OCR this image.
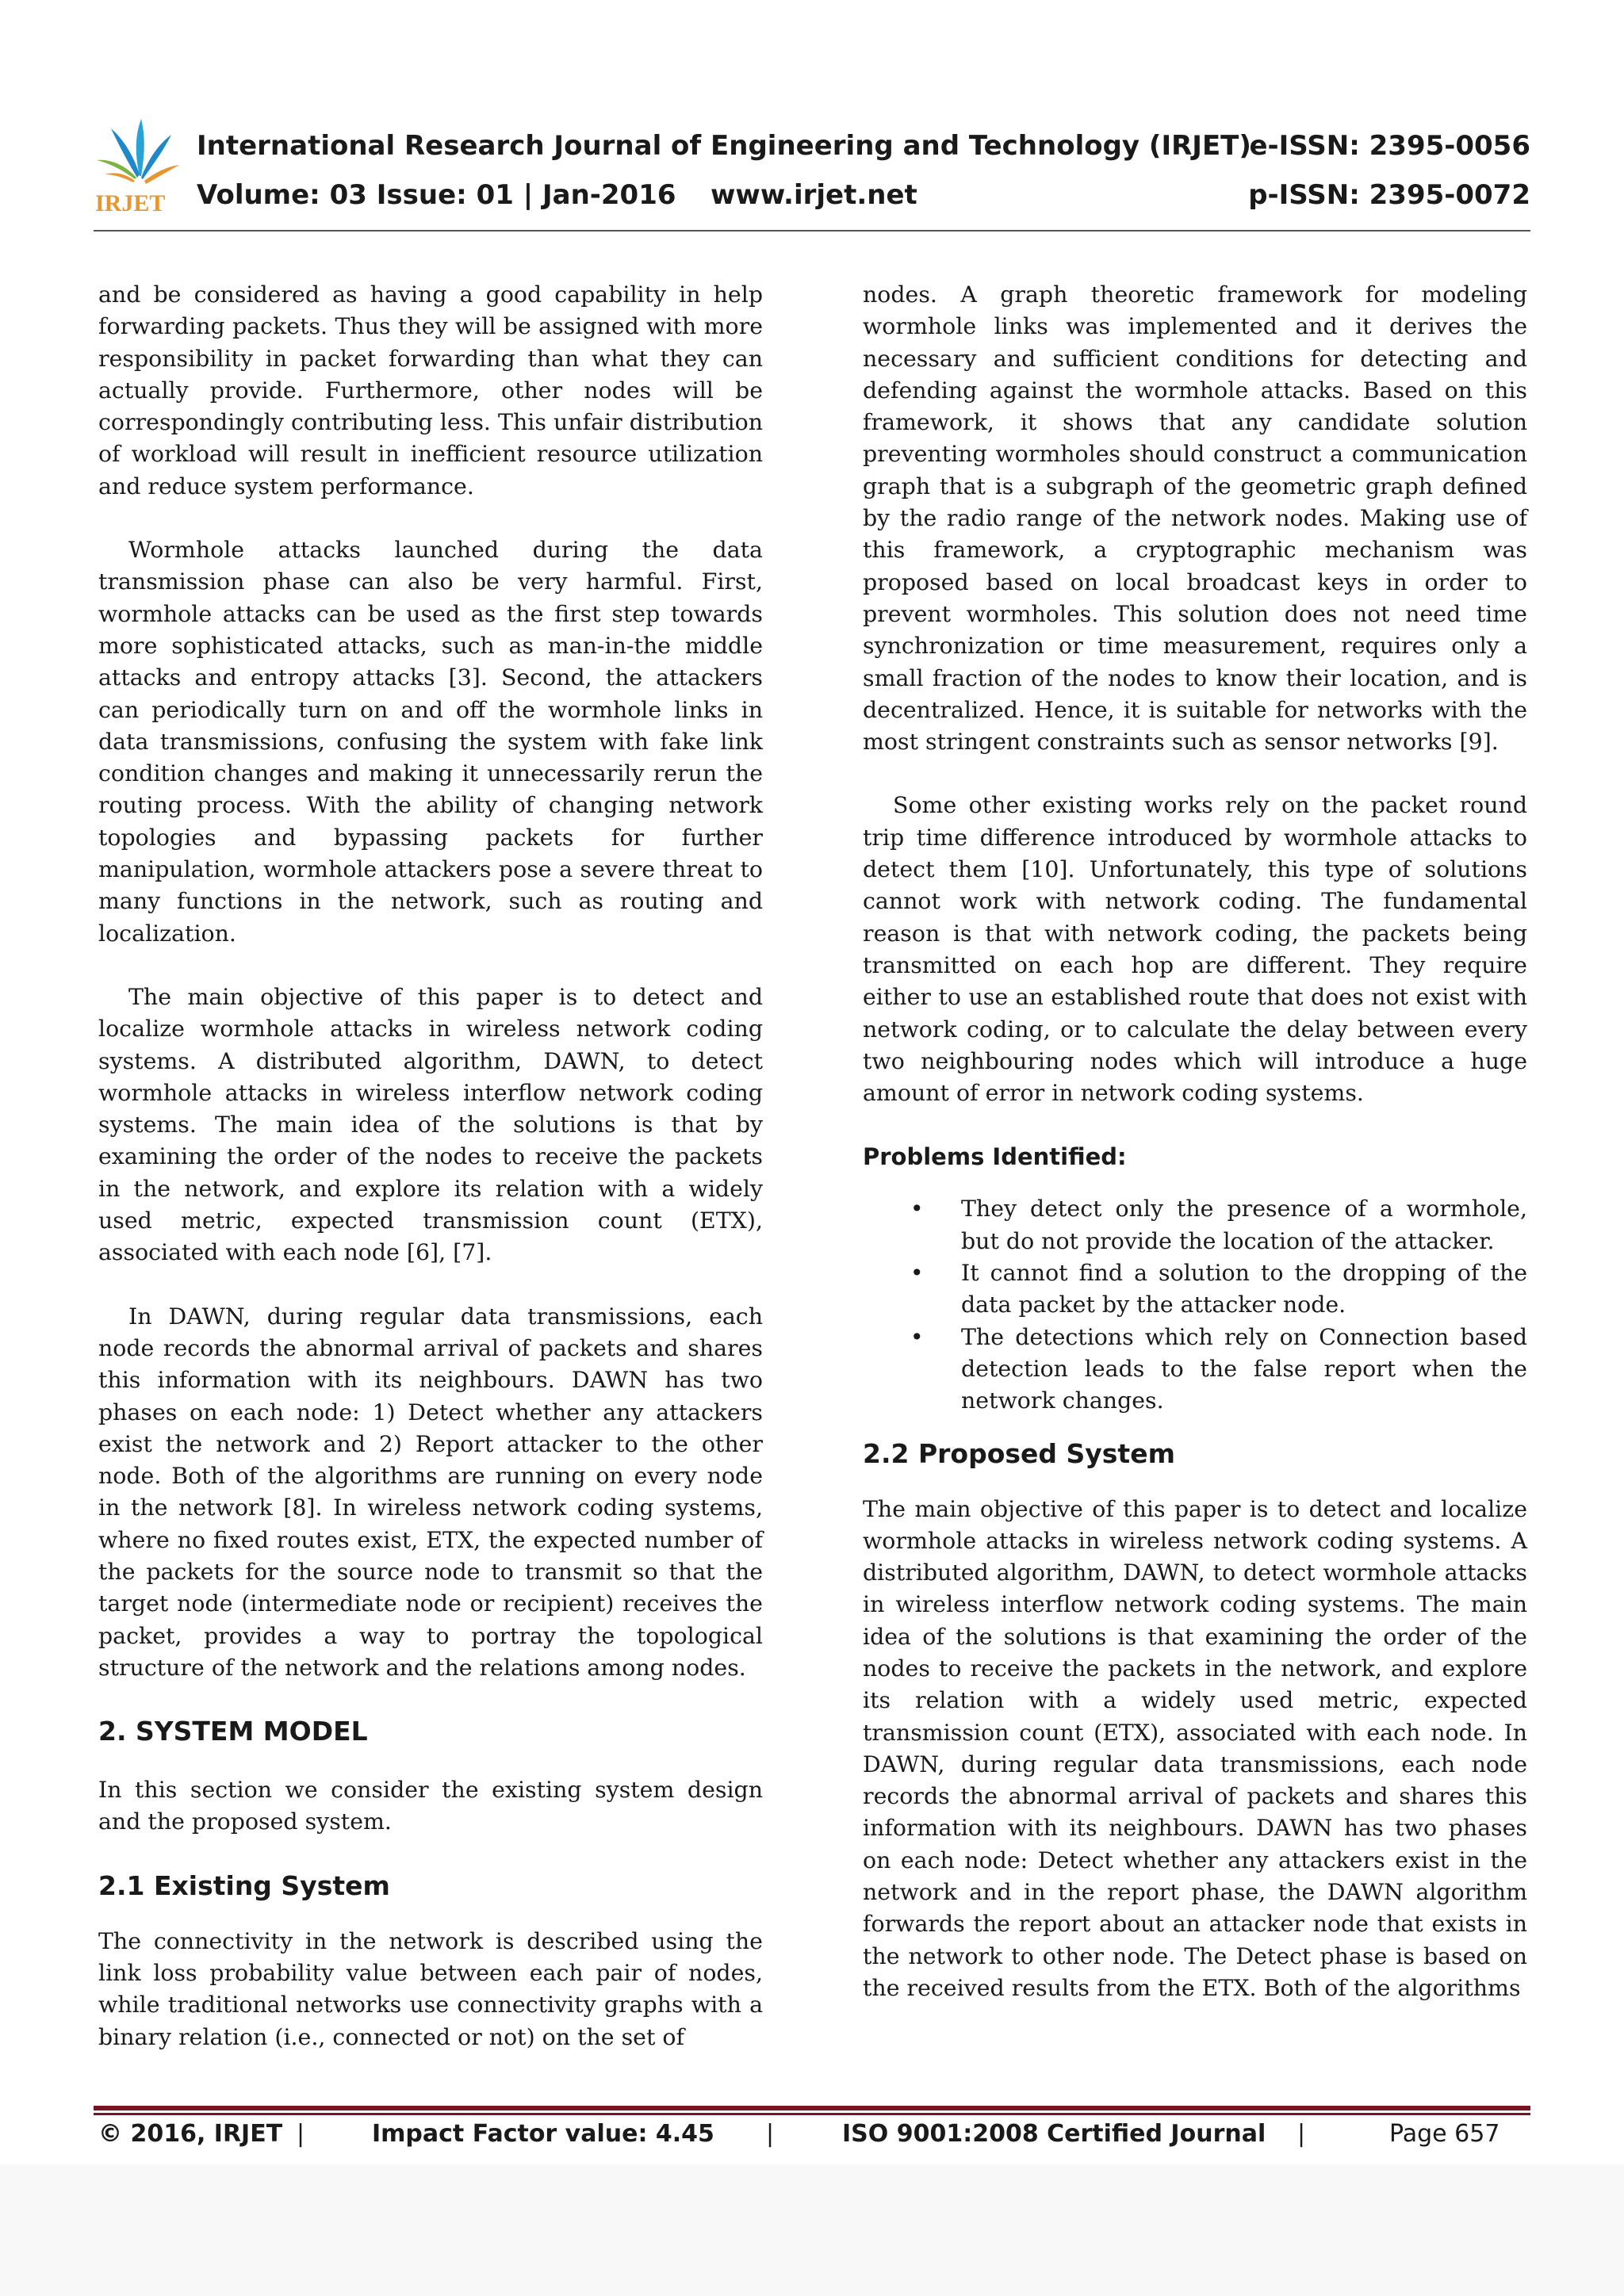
IRJET
International Research Journal of Engineering and Technology (IRJET)
e-ISSN: 2395-0056
Volume: 03 Issue: 01 | Jan-2016 www.irjet.net	p-ISSN: 2395-0072

and be considered as having a good capability in help forwarding packets. Thus they will be assigned with more responsibility in packet forwarding than what they can actually provide. Furthermore, other nodes will be correspondingly contributing less. This unfair distribution of workload will result in inefficient resource utilization and reduce system performance.

Wormhole attacks launched during the data transmission phase can also be very harmful. First, wormhole attacks can be used as the first step towards more sophisticated attacks, such as man-in-the middle attacks and entropy attacks [3]. Second, the attackers can periodically turn on and off the wormhole links in data transmissions, confusing the system with fake link condition changes and making it unnecessarily rerun the routing process. With the ability of changing network topologies and bypassing packets for further manipulation, wormhole attackers pose a severe threat to many functions in the network, such as routing and localization.

The main objective of this paper is to detect and localize wormhole attacks in wireless network coding systems. A distributed algorithm, DAWN, to detect wormhole attacks in wireless interflow network coding systems. The main idea of the solutions is that by examining the order of the nodes to receive the packets in the network, and explore its relation with a widely used metric, expected transmission count (ETX), associated with each node [6], [7].

In DAWN, during regular data transmissions, each node records the abnormal arrival of packets and shares this information with its neighbours. DAWN has two phases on each node: 1) Detect whether any attackers exist the network and 2) Report attacker to the other node. Both of the algorithms are running on every node in the network [8]. In wireless network coding systems, where no fixed routes exist, ETX, the expected number of the packets for the source node to transmit so that the target node (intermediate node or recipient) receives the packet, provides a way to portray the topological structure of the network and the relations among nodes.

2. SYSTEM MODEL

In this section we consider the existing system design and the proposed system.

2.1 Existing System

The connectivity in the network is described using the link loss probability value between each pair of nodes, while traditional networks use connectivity graphs with a binary relation (i.e., connected or not) on the set of

nodes. A graph theoretic framework for modeling wormhole links was implemented and it derives the necessary and sufficient conditions for detecting and defending against the wormhole attacks. Based on this framework, it shows that any candidate solution preventing wormholes should construct a communication graph that is a subgraph of the geometric graph defined by the radio range of the network nodes. Making use of this framework, a cryptographic mechanism was proposed based on local broadcast keys in order to prevent wormholes. This solution does not need time synchronization or time measurement, requires only a small fraction of the nodes to know their location, and is decentralized. Hence, it is suitable for networks with the most stringent constraints such as sensor networks [9].

Some other existing works rely on the packet round trip time difference introduced by wormhole attacks to detect them [10]. Unfortunately, this type of solutions cannot work with network coding. The fundamental reason is that with network coding, the packets being transmitted on each hop are different. They require either to use an established route that does not exist with network coding, or to calculate the delay between every two neighbouring nodes which will introduce a huge amount of error in network coding systems.

Problems Identified:
• They detect only the presence of a wormhole, but do not provide the location of the attacker.
• It cannot find a solution to the dropping of the data packet by the attacker node.
• The detections which rely on Connection based detection leads to the false report when the network changes.
2.2 Proposed System

The main objective of this paper is to detect and localize wormhole attacks in wireless network coding systems. A distributed algorithm, DAWN, to detect wormhole attacks in wireless interflow network coding systems. The main idea of the solutions is that examining the order of the nodes to receive the packets in the network, and explore its relation with a widely used metric, expected transmission count (ETX), associated with each node. In DAWN, during regular data transmissions, each node records the abnormal arrival of packets and shares this information with its neighbours. DAWN has two phases on each node: Detect whether any attackers exist in the network and in the report phase, the DAWN algorithm forwards the report about an attacker node that exists in the network to other node. The Detect phase is based on the received results from the ETX. Both of the algorithms

© 2016, IRJET |	Impact Factor value: 4.45 |	ISO 9001:2008 Certified Journal |	Page 657
